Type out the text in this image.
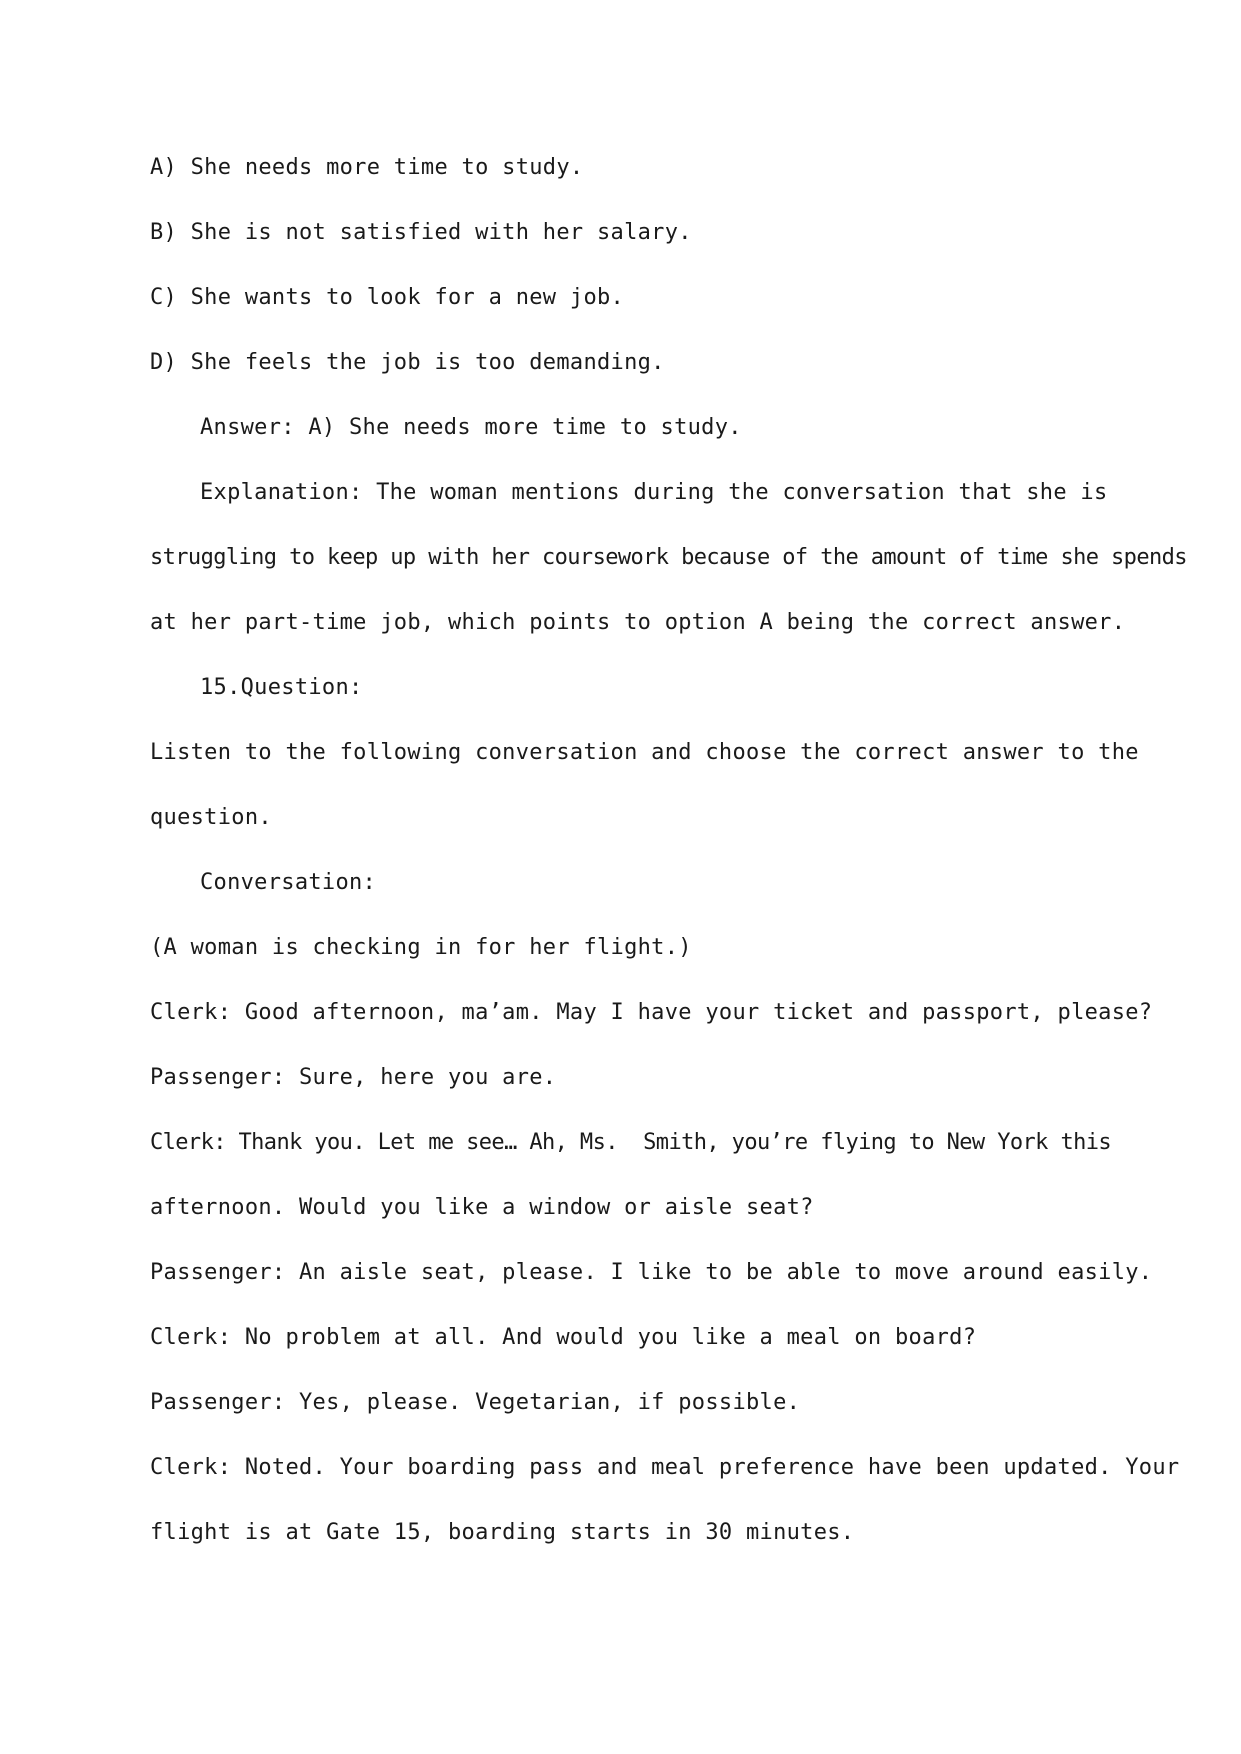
A) She needs more time to study.
B) She is not satisfied with her salary.
C) She wants to look for a new job.
D) She feels the job is too demanding.
Answer: A) She needs more time to study.
Explanation: The woman mentions during the conversation that she is
struggling to keep up with her coursework because of the amount of time she spends
at her part-time job, which points to option A being the correct answer.
15.Question:
Listen to the following conversation and choose the correct answer to the
question.
Conversation:
(A woman is checking in for her flight.)
Clerk: Good afternoon, ma’am. May I have your ticket and passport, please?
Passenger: Sure, here you are.
Clerk: Thank you. Let me see… Ah, Ms.  Smith, you’re flying to New York this
afternoon. Would you like a window or aisle seat?
Passenger: An aisle seat, please. I like to be able to move around easily.
Clerk: No problem at all. And would you like a meal on board?
Passenger: Yes, please. Vegetarian, if possible.
Clerk: Noted. Your boarding pass and meal preference have been updated. Your
flight is at Gate 15, boarding starts in 30 minutes.
